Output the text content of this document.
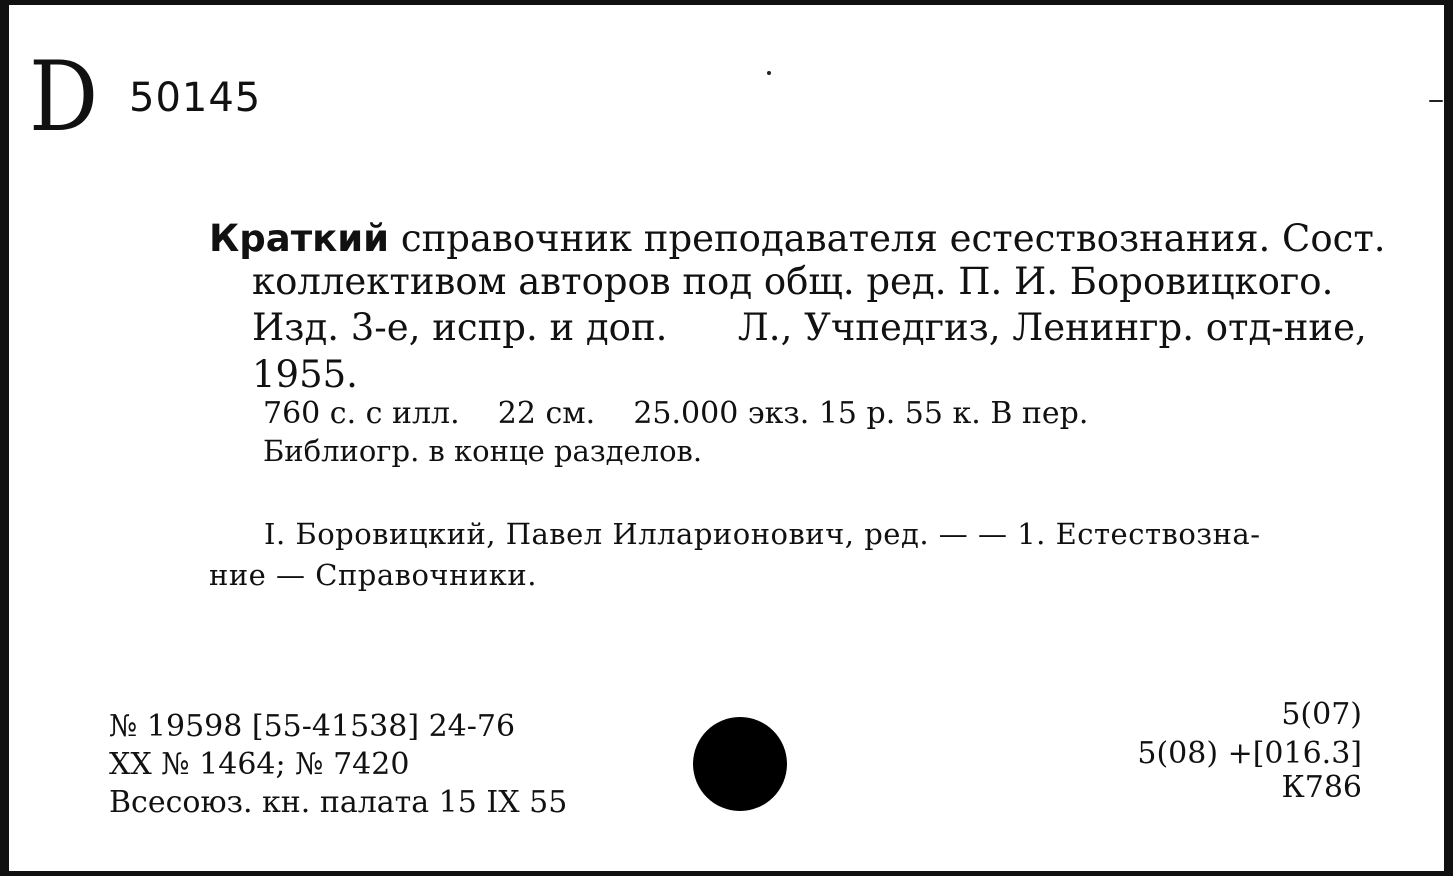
D 50145
Краткий справочник преподавателя естествознания. Сост.
коллективом авторов под общ. ред. П. И. Боровицкого.
Изд. 3-е, испр. и доп.      Л., Учпедгиз, Ленингр. отд-ние,
1955.
760 с. с илл.    22 см.    25.000 экз. 15 р. 55 к. В пер.
Библиогр. в конце разделов.
I. Боровицкий, Павел Илларионович, ред. — — 1. Естествозна-
ние — Справочники.
№ 19598 [55-41538] 24-76
XX № 1464; № 7420
Всесоюз. кн. палата 15 IX 55
5(07)
5(08) +[016.3]
К786
